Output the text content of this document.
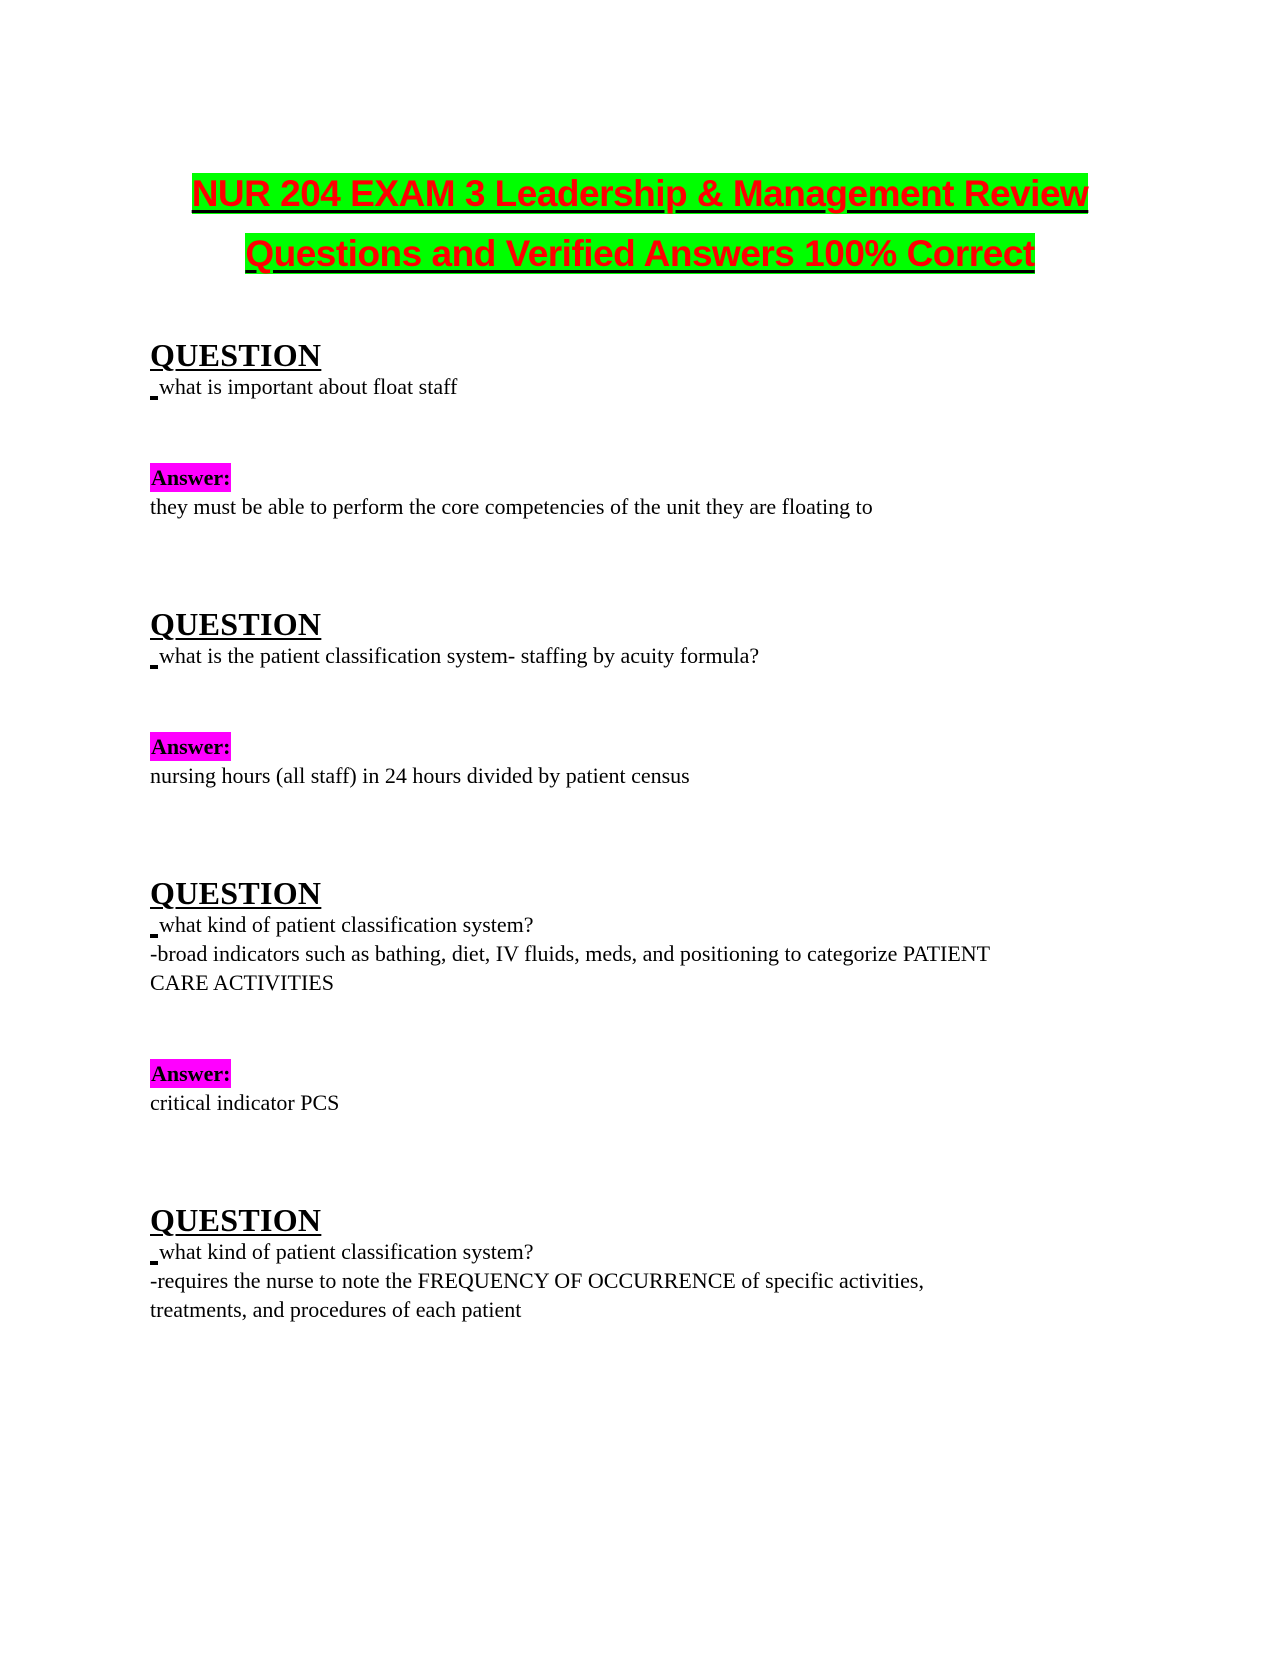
NUR 204 EXAM 3 Leadership & Management Review
Questions and Verified Answers 100% Correct

QUESTION

what is important about float staff

Answer:

they must be able to perform the core competencies of the unit they are floating to

QUESTION

what is the patient classification system- staffing by acuity formula?

Answer:

nursing hours (all staff) in 24 hours divided by patient census

QUESTION

what kind of patient classification system?

-broad indicators such as bathing, diet, IV fluids, meds, and positioning to categorize PATIENT

CARE ACTIVITIES

Answer:

critical indicator PCS

QUESTION

what kind of patient classification system?

-requires the nurse to note the FREQUENCY OF OCCURRENCE of specific activities,

treatments, and procedures of each patient
